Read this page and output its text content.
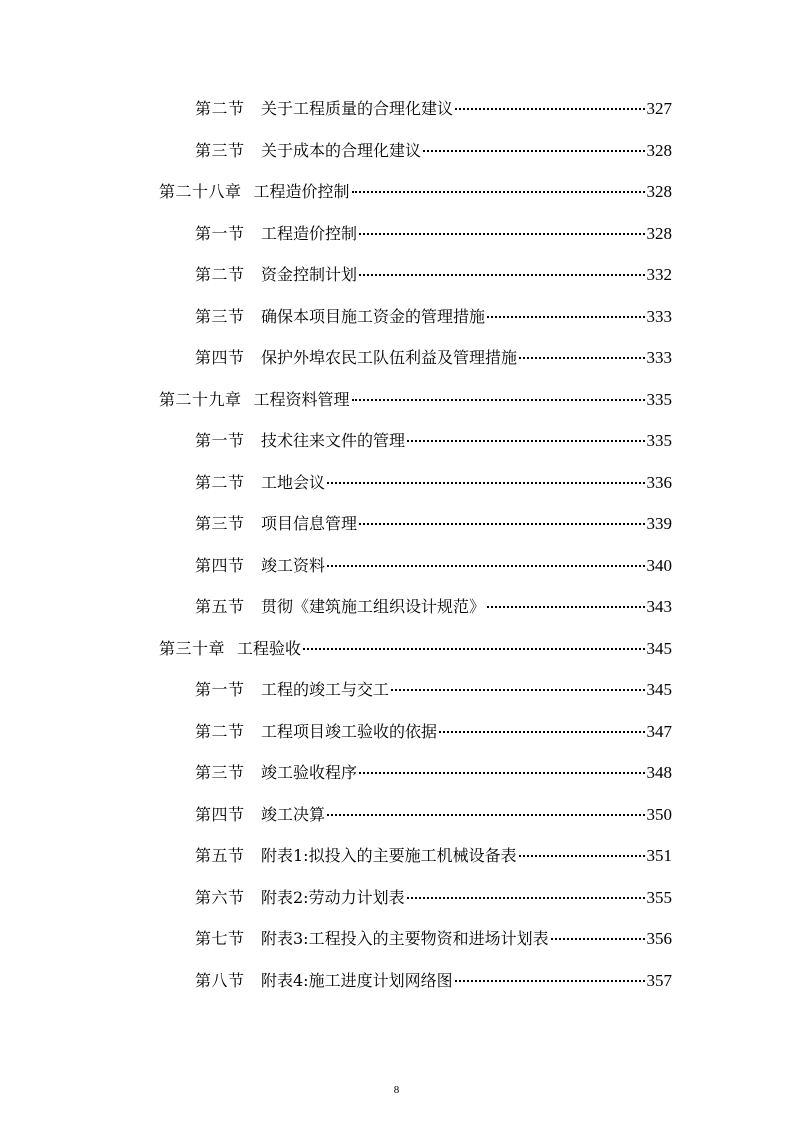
第二节	关于工程质量的合理化建议	327
第三节	关于成本的合理化建议	328
第二十八章 工程造价控制	328
第一节	工程造价控制	328
第二节	资金控制计划	332
第三节	确保本项目施工资金的管理措施	333
第四节	保护外埠农民工队伍利益及管理措施	333
第二十九章 工程资料管理	335
第一节	技术往来文件的管理	335
第二节	工地会议	336
第三节	项目信息管理	339
第四节	竣工资料	340
第五节	贯彻《建筑施工组织设计规范》	343
第三十章 工程验收	345
第一节	工程的竣工与交工	345
第二节	工程项目竣工验收的依据	347
第三节	竣工验收程序	348
第四节	竣工决算	350
第五节	附表1:拟投入的主要施工机械设备表	351
第六节	附表2:劳动力计划表	355
第七节	附表3:工程投入的主要物资和进场计划表	356
第八节	附表4:施工进度计划网络图	357
8
